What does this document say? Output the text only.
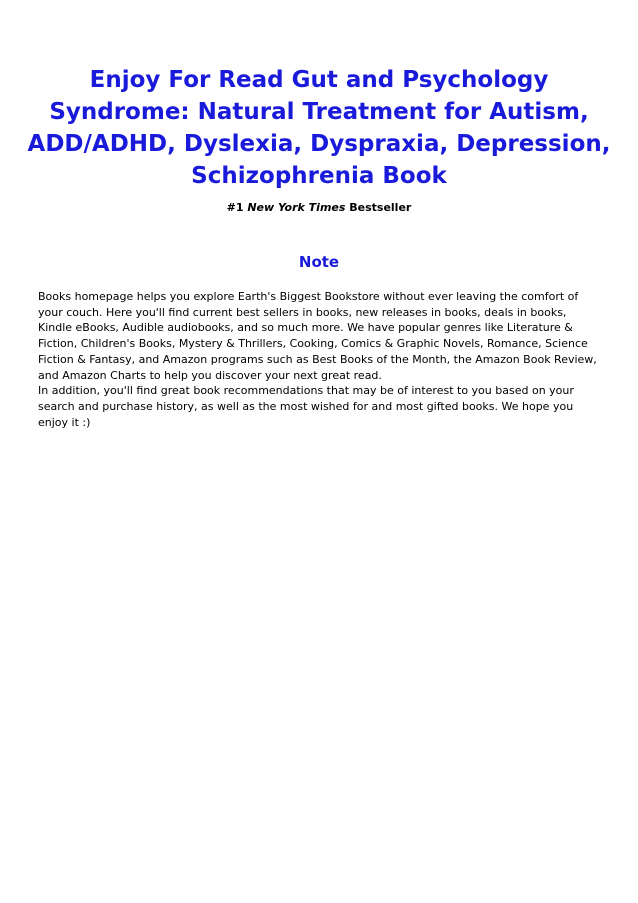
Enjoy For Read Gut and Psychology Syndrome: Natural Treatment for Autism, ADD/ADHD, Dyslexia, Dyspraxia, Depression, Schizophrenia Book
#1 New York Times Bestseller
Note

Books homepage helps you explore Earth's Biggest Bookstore without ever leaving the comfort of your couch. Here you'll find current best sellers in books, new releases in books, deals in books, Kindle eBooks, Audible audiobooks, and so much more. We have popular genres like Literature & Fiction, Children's Books, Mystery & Thrillers, Cooking, Comics & Graphic Novels, Romance, Science Fiction & Fantasy, and Amazon programs such as Best Books of the Month, the Amazon Book Review, and Amazon Charts to help you discover your next great read.

In addition, you'll find great book recommendations that may be of interest to you based on your search and purchase history, as well as the most wished for and most gifted books. We hope you enjoy it :)
